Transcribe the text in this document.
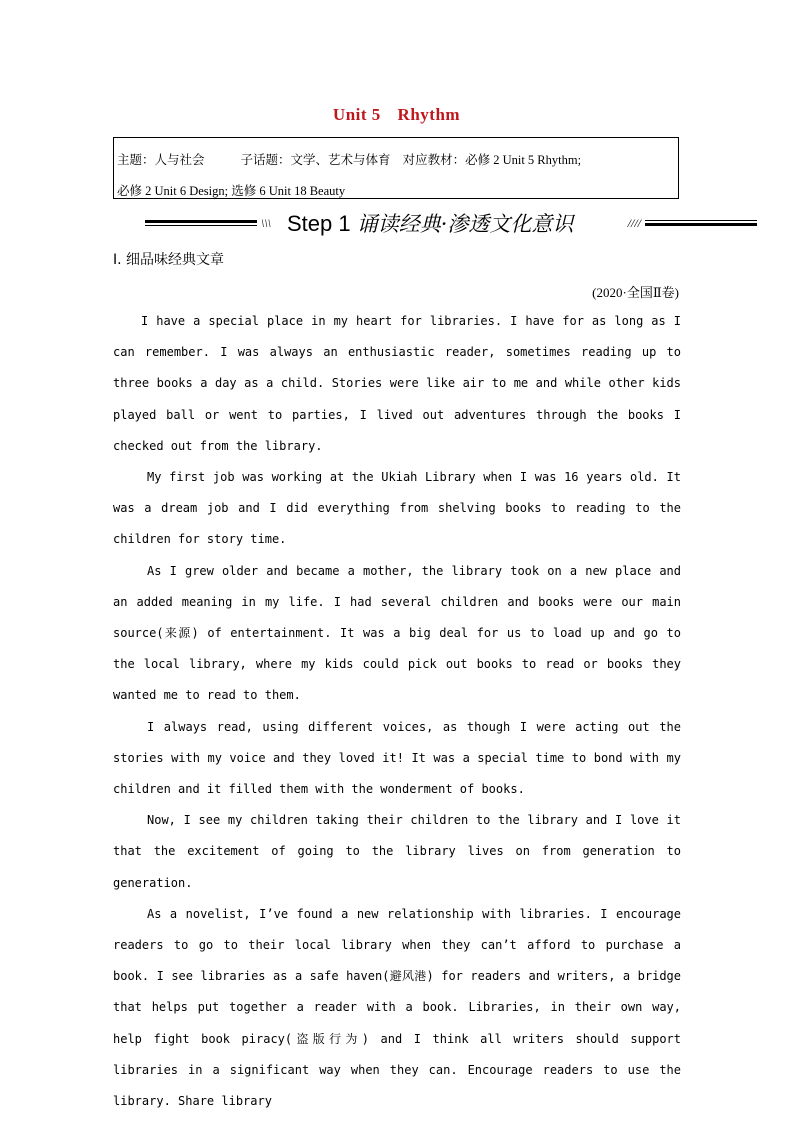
Unit 5 Rhythm
主题：人与社会	子话题：文学、艺术与体育 对应教材：必修 2 Unit 5 Rhythm;
必修 2 Unit 6 Design; 选修 6 Unit 18 Beauty
\\\ Step 1 诵读经典·渗透文化意识	////
Ⅰ. 细品味经典文章
(2020·全国Ⅱ卷)

I have a special place in my heart for libraries. I have for as long as I can remember. I was always an enthusiastic reader, sometimes reading up to three books a day as a child. Stories were like air to me and while other kids played ball or went to parties, I lived out adventures through the books I checked out from the library.

My first job was working at the Ukiah Library when I was 16 years old. It was a dream job and I did everything from shelving books to reading to the children for story time.

As I grew older and became a mother, the library took on a new place and an added meaning in my life. I had several children and books were our main source(来源) of entertainment. It was a big deal for us to load up and go to the local library, where my kids could pick out books to read or books they wanted me to read to them.

I always read, using different voices, as though I were acting out the stories with my voice and they loved it! It was a special time to bond with my children and it filled them with the wonderment of books.

Now, I see my children taking their children to the library and I love it that the excitement of going to the library lives on from generation to generation.

As a novelist, I’ve found a new relationship with libraries. I encourage readers to go to their local library when they can’t afford to purchase a book. I see libraries as a safe haven(避风港) for readers and writers, a bridge that helps put together a reader with a book. Libraries, in their own way, help fight book piracy(盗版行为) and I think all writers should support libraries in a significant way when they can. Encourage readers to use the library. Share library
